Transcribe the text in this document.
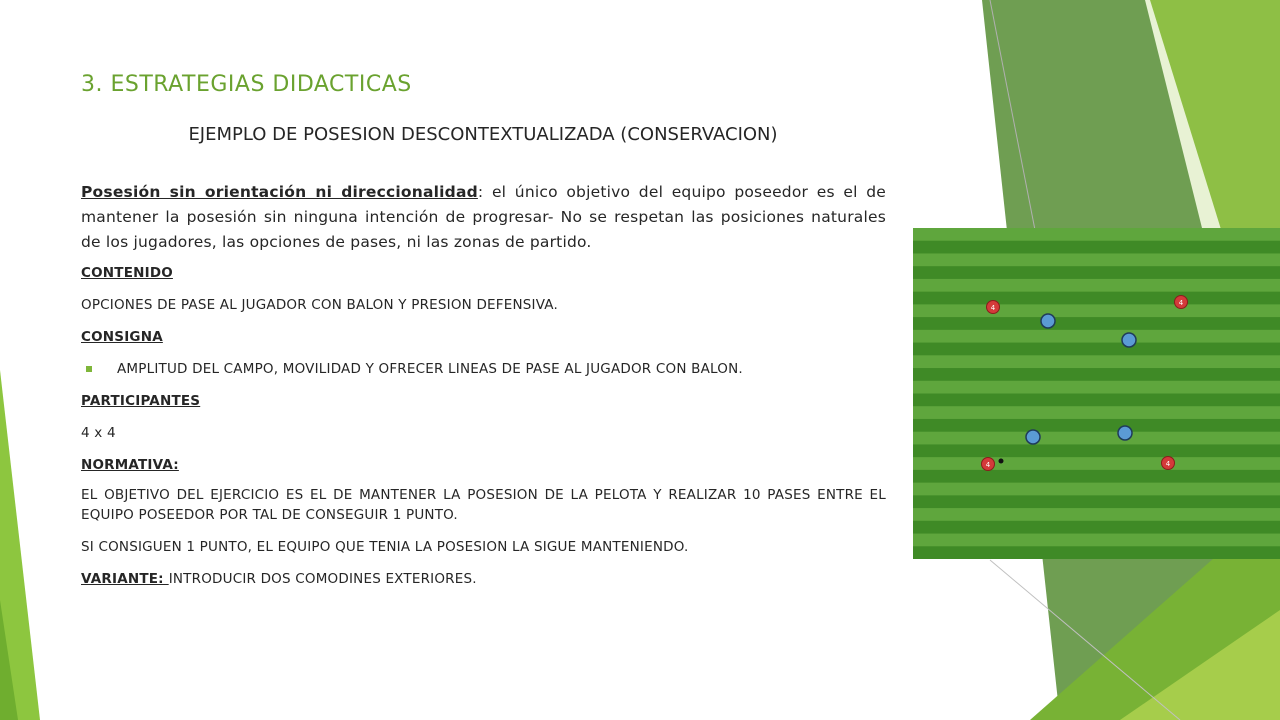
3. ESTRATEGIAS DIDACTICAS
EJEMPLO DE POSESION DESCONTEXTUALIZADA (CONSERVACION)

Posesión sin orientación ni direccionalidad: el único objetivo del equipo poseedor es el de mantener la posesión sin ninguna intención de progresar- No se respetan las posiciones naturales de los jugadores, las opciones de pases, ni las zonas de partido.

CONTENIDO

OPCIONES DE PASE AL JUGADOR CON BALON Y PRESION DEFENSIVA.

CONSIGNA

AMPLITUD DEL CAMPO, MOVILIDAD Y OFRECER LINEAS DE PASE AL JUGADOR CON BALON.

PARTICIPANTES

4 x 4

NORMATIVA:

EL OBJETIVO DEL EJERCICIO ES EL DE MANTENER LA POSESION DE LA PELOTA Y REALIZAR 10 PASES ENTRE EL EQUIPO POSEEDOR POR TAL DE CONSEGUIR 1 PUNTO.

SI CONSIGUEN 1 PUNTO, EL EQUIPO QUE TENIA LA POSESION LA SIGUE MANTENIENDO.

VARIANTE: INTRODUCIR DOS COMODINES EXTERIORES.

4
4
4	4
